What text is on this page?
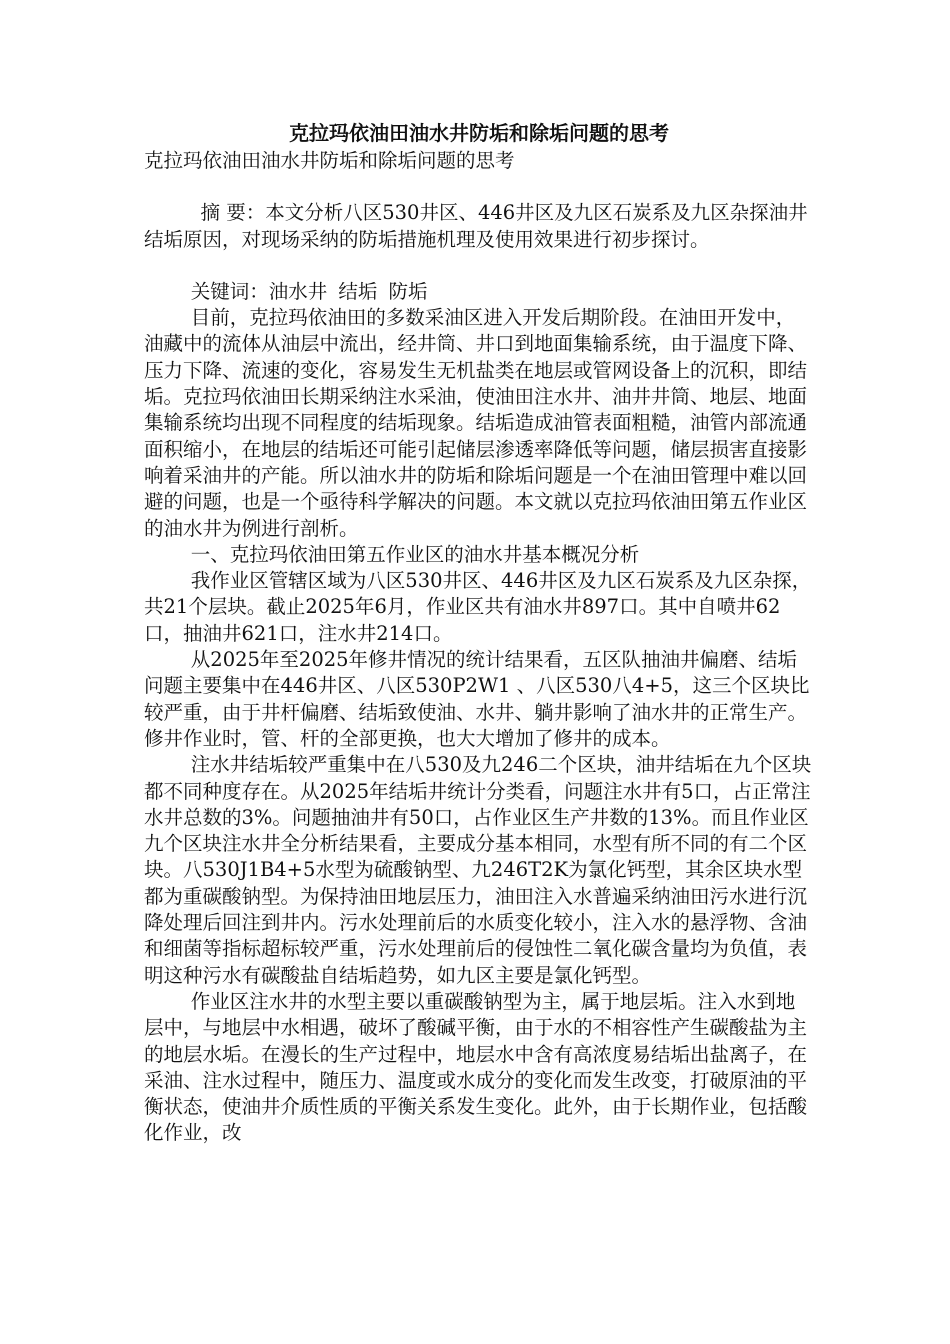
克拉玛依油田油水井防垢和除垢问题的思考

克拉玛依油田油水井防垢和除垢问题的思考

摘 要：本文分析八区530井区、446井区及九区石炭系及九区杂探油井结垢原因，对现场采纳的防垢措施机理及使用效果进行初步探讨。

关键词：油水井 结垢 防垢

目前，克拉玛依油田的多数采油区进入开发后期阶段。在油田开发中，油藏中的流体从油层中流出，经井筒、井口到地面集输系统，由于温度下降、压力下降、流速的变化，容易发生无机盐类在地层或管网设备上的沉积，即结垢。克拉玛依油田长期采纳注水采油，使油田注水井、油井井筒、地层、地面集输系统均出现不同程度的结垢现象。结垢造成油管表面粗糙，油管内部流通面积缩小，在地层的结垢还可能引起储层渗透率降低等问题，储层损害直接影响着采油井的产能。所以油水井的防垢和除垢问题是一个在油田管理中难以回避的问题，也是一个亟待科学解决的问题。本文就以克拉玛依油田第五作业区的油水井为例进行剖析。

一、克拉玛依油田第五作业区的油水井基本概况分析

我作业区管辖区域为八区530井区、446井区及九区石炭系及九区杂探，共21个层块。截止2025年6月，作业区共有油水井897口。其中自喷井62口，抽油井621口，注水井214口。

从2025年至2025年修井情况的统计结果看，五区队抽油井偏磨、结垢问题主要集中在446井区、八区530P2W1 、八区530八4+5，这三个区块比较严重，由于井杆偏磨、结垢致使油、水井、躺井影响了油水井的正常生产。修井作业时，管、杆的全部更换，也大大增加了修井的成本。

注水井结垢较严重集中在八530及九246二个区块，油井结垢在九个区块都不同种度存在。从2025年结垢井统计分类看，问题注水井有5口，占正常注水井总数的3%。问题抽油井有50口，占作业区生产井数的13%。而且作业区九个区块注水井全分析结果看，主要成分基本相同，水型有所不同的有二个区块。八530J1B4+5水型为硫酸钠型、九246T2K为氯化钙型，其余区块水型都为重碳酸钠型。为保持油田地层压力，油田注入水普遍采纳油田污水进行沉降处理后回注到井内。污水处理前后的水质变化较小，注入水的悬浮物、含油和细菌等指标超标较严重，污水处理前后的侵蚀性二氧化碳含量均为负值，表明这种污水有碳酸盐自结垢趋势，如九区主要是氯化钙型。

作业区注水井的水型主要以重碳酸钠型为主，属于地层垢。注入水到地层中，与地层中水相遇，破坏了酸碱平衡，由于水的不相容性产生碳酸盐为主的地层水垢。在漫长的生产过程中，地层水中含有高浓度易结垢出盐离子，在采油、注水过程中，随压力、温度或水成分的变化而发生改变，打破原油的平衡状态，使油井介质性质的平衡关系发生变化。此外，由于长期作业，包括酸化作业，改
